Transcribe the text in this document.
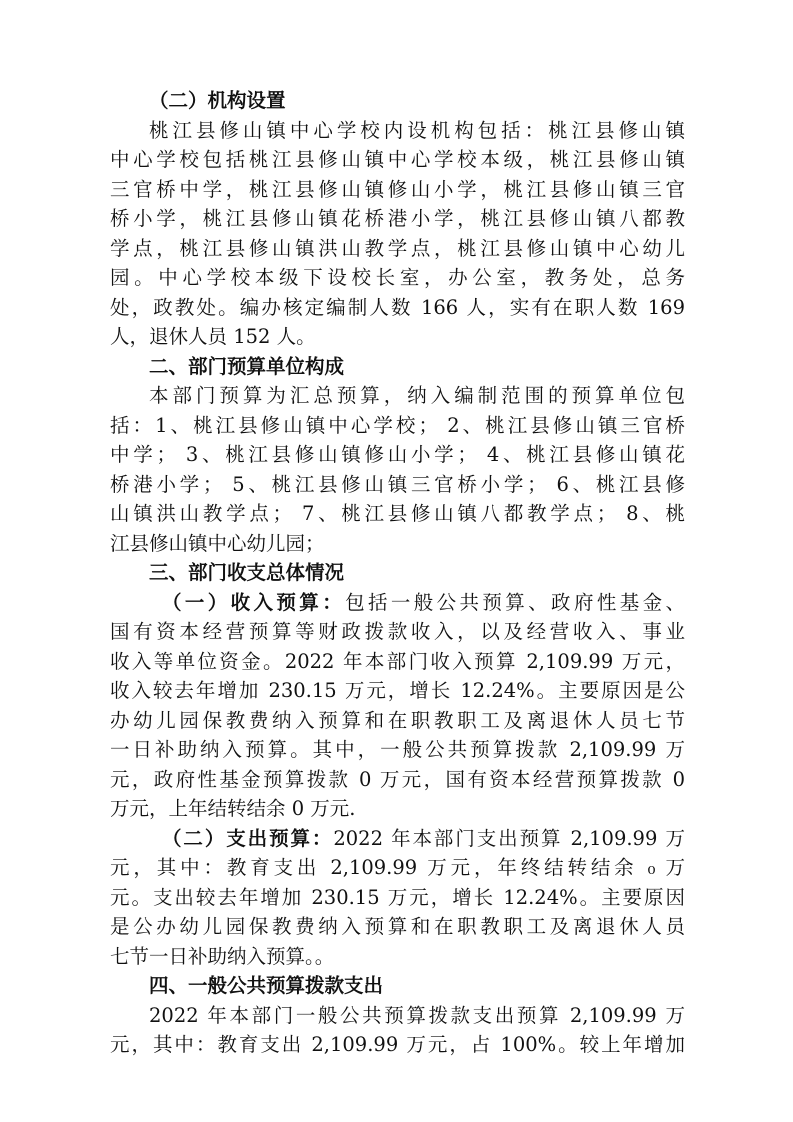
（二）机构设置
桃江县修山镇中心学校内设机构包括：桃江县修山镇
中心学校包括桃江县修山镇中心学校本级，桃江县修山镇
三官桥中学，桃江县修山镇修山小学，桃江县修山镇三官
桥小学，桃江县修山镇花桥港小学，桃江县修山镇八都教
学点，桃江县修山镇洪山教学点，桃江县修山镇中心幼儿
园。中心学校本级下设校长室，办公室，教务处，总务
处，政教处。编办核定编制人数 166 人，实有在职人数 169
人，退休人员 152 人。
二、部门预算单位构成
本部门预算为汇总预算，纳入编制范围的预算单位包
括：1、桃江县修山镇中心学校； 2、桃江县修山镇三官桥
中学； 3、桃江县修山镇修山小学； 4、桃江县修山镇花
桥港小学； 5、桃江县修山镇三官桥小学； 6、桃江县修
山镇洪山教学点； 7、桃江县修山镇八都教学点； 8、桃
江县修山镇中心幼儿园；
三、部门收支总体情况
（一）收入预算：包括一般公共预算、政府性基金、
国有资本经营预算等财政拨款收入，以及经营收入、事业
收入等单位资金。2022 年本部门收入预算 2,109.99 万元，
收入较去年增加 230.15 万元，增长 12.24%。主要原因是公
办幼儿园保教费纳入预算和在职教职工及离退休人员七节
一日补助纳入预算。其中，一般公共预算拨款 2,109.99 万
元，政府性基金预算拨款 0 万元，国有资本经营预算拨款 0
万元，上年结转结余 0 万元.
（二）支出预算：2022 年本部门支出预算 2,109.99 万
元，其中：教育支出 2,109.99 万元，年终结转结余 ₀ 万
元。支出较去年增加 230.15 万元，增长 12.24%。主要原因
是公办幼儿园保教费纳入预算和在职教职工及离退休人员
七节一日补助纳入预算。。
四、一般公共预算拨款支出
2022 年本部门一般公共预算拨款支出预算 2,109.99 万
元，其中：教育支出 2,109.99 万元，占 100%。较上年增加
